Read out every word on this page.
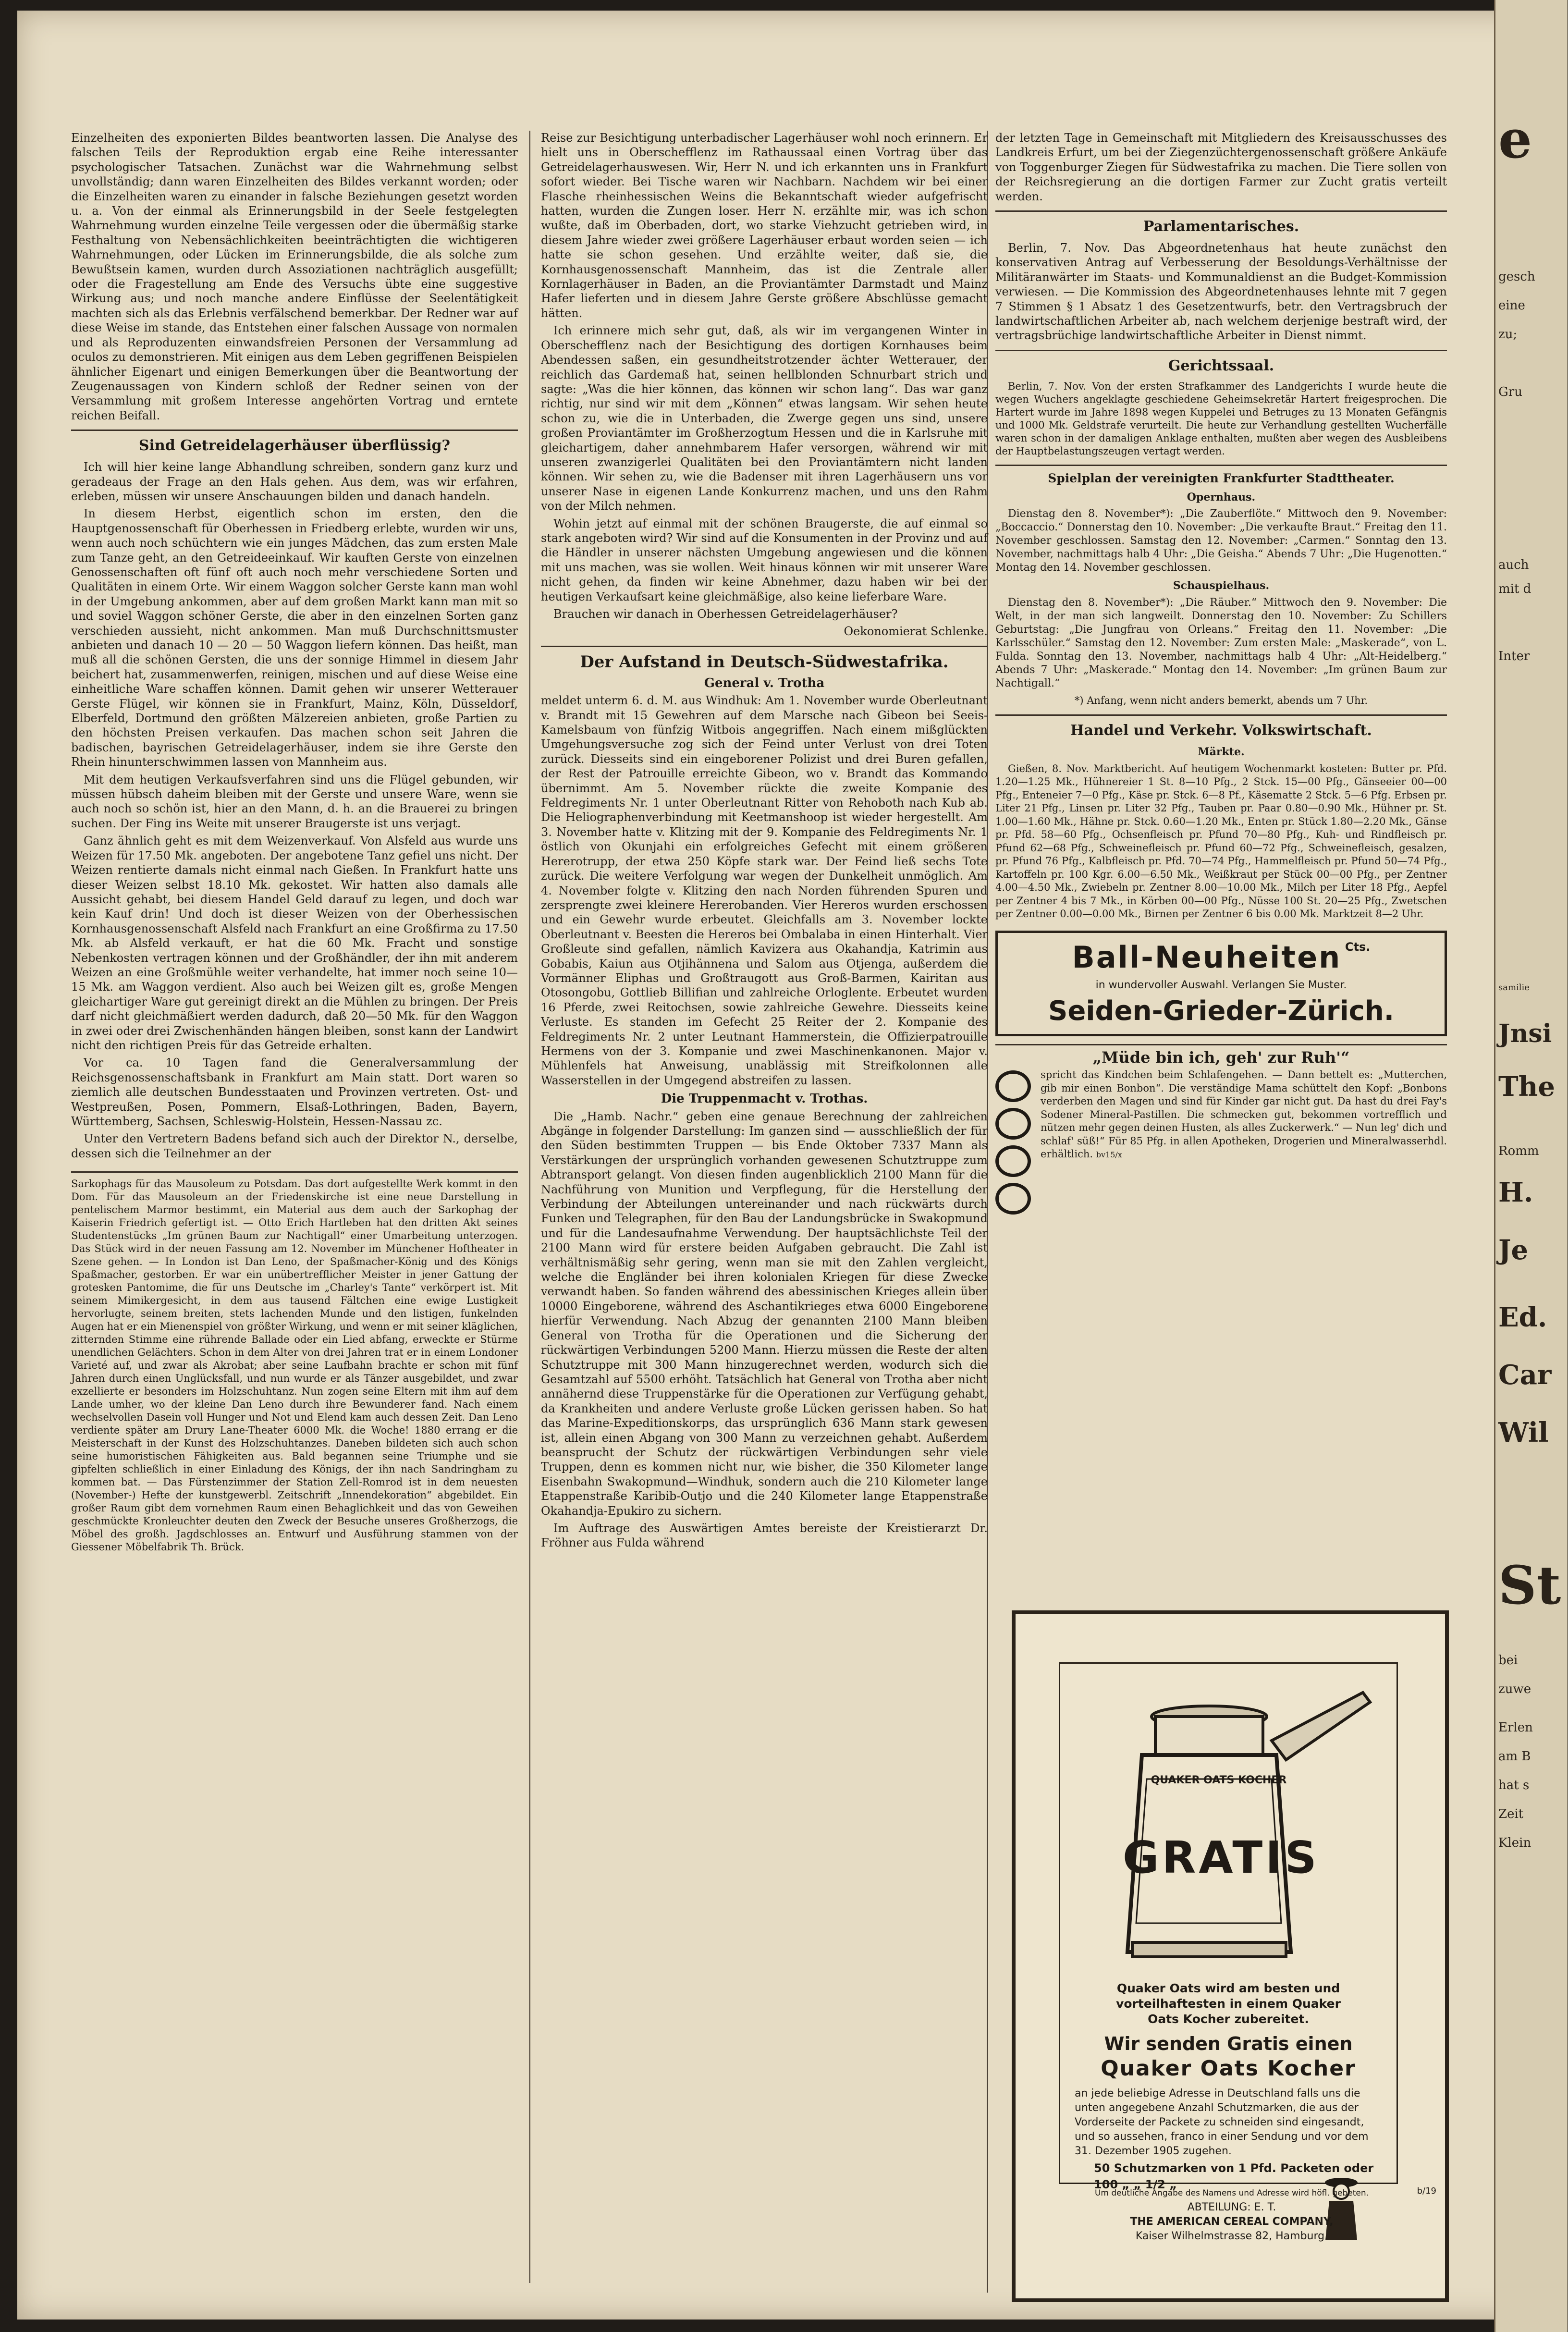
Einzelheiten des exponierten Bildes beantworten lassen. Die Analyse des falschen Teils der Reproduktion ergab eine Reihe interessanter psychologischer Tatsachen. Zunächst war die Wahrnehmung selbst unvollständig; dann waren Einzelheiten des Bildes verkannt worden; oder die Einzelheiten waren zu einander in falsche Beziehungen gesetzt worden u. a. Von der einmal als Erinnerungsbild in der Seele festgelegten Wahrnehmung wurden einzelne Teile vergessen oder die übermäßig starke Festhaltung von Nebensächlichkeiten beeinträchtigten die wichtigeren Wahrnehmungen, oder Lücken im Erinnerungsbilde, die als solche zum Bewußtsein kamen, wurden durch Assoziationen nachträglich ausgefüllt; oder die Fragestellung am Ende des Versuchs übte eine suggestive Wirkung aus; und noch manche andere Einflüsse der Seelentätigkeit machten sich als das Erlebnis verfälschend bemerkbar. Der Redner war auf diese Weise im stande, das Entstehen einer falschen Aussage von normalen und als Reproduzenten einwandsfreien Personen der Versammlung ad oculos zu demonstrieren. Mit einigen aus dem Leben gegriffenen Beispielen ähnlicher Eigenart und einigen Bemerkungen über die Beantwortung der Zeugenaussagen von Kindern schloß der Redner seinen von der Versammlung mit großem Interesse angehörten Vortrag und erntete reichen Beifall.

Sind Getreidelagerhäuser überflüssig?

Ich will hier keine lange Abhandlung schreiben, sondern ganz kurz und geradeaus der Frage an den Hals gehen. Aus dem, was wir erfahren, erleben, müssen wir unsere Anschauungen bilden und danach handeln.

In diesem Herbst, eigentlich schon im ersten, den die Hauptgenossenschaft für Oberhessen in Friedberg erlebte, wurden wir uns, wenn auch noch schüchtern wie ein junges Mädchen, das zum ersten Male zum Tanze geht, an den Getreideeinkauf. Wir kauften Gerste von einzelnen Genossenschaften oft fünf oft auch noch mehr verschiedene Sorten und Qualitäten in einem Orte. Wir einem Waggon solcher Gerste kann man wohl in der Umgebung ankommen, aber auf dem großen Markt kann man mit so und soviel Waggon schöner Gerste, die aber in den einzelnen Sorten ganz verschieden aussieht, nicht ankommen. Man muß Durchschnittsmuster anbieten und danach 10 — 20 — 50 Waggon liefern können. Das heißt, man muß all die schönen Gersten, die uns der sonnige Himmel in diesem Jahr beichert hat, zusammenwerfen, reinigen, mischen und auf diese Weise eine einheitliche Ware schaffen können. Damit gehen wir unserer Wetterauer Gerste Flügel, wir können sie in Frankfurt, Mainz, Köln, Düsseldorf, Elberfeld, Dortmund den größten Mälzereien anbieten, große Partien zu den höchsten Preisen verkaufen. Das machen schon seit Jahren die badischen, bayrischen Getreidelagerhäuser, indem sie ihre Gerste den Rhein hinunterschwimmen lassen von Mannheim aus.

Mit dem heutigen Verkaufsverfahren sind uns die Flügel gebunden, wir müssen hübsch daheim bleiben mit der Gerste und unsere Ware, wenn sie auch noch so schön ist, hier an den Mann, d. h. an die Brauerei zu bringen suchen. Der Fing ins Weite mit unserer Braugerste ist uns verjagt.

Ganz ähnlich geht es mit dem Weizenverkauf. Von Alsfeld aus wurde uns Weizen für 17.50 Mk. angeboten. Der angebotene Tanz gefiel uns nicht. Der Weizen rentierte damals nicht einmal nach Gießen. In Frankfurt hatte uns dieser Weizen selbst 18.10 Mk. gekostet. Wir hatten also damals alle Aussicht gehabt, bei diesem Handel Geld darauf zu legen, und doch war kein Kauf drin! Und doch ist dieser Weizen von der Oberhessischen Kornhausgenossenschaft Alsfeld nach Frankfurt an eine Großfirma zu 17.50 Mk. ab Alsfeld verkauft, er hat die 60 Mk. Fracht und sonstige Nebenkosten vertragen können und der Großhändler, der ihn mit anderem Weizen an eine Großmühle weiter verhandelte, hat immer noch seine 10—15 Mk. am Waggon verdient. Also auch bei Weizen gilt es, große Mengen gleichartiger Ware gut gereinigt direkt an die Mühlen zu bringen. Der Preis darf nicht gleichmäßiert werden dadurch, daß 20—50 Mk. für den Waggon in zwei oder drei Zwischenhänden hängen bleiben, sonst kann der Landwirt nicht den richtigen Preis für das Getreide erhalten.

Vor ca. 10 Tagen fand die Generalversammlung der Reichsgenossenschaftsbank in Frankfurt am Main statt. Dort waren so ziemlich alle deutschen Bundesstaaten und Provinzen vertreten. Ost- und Westpreußen, Posen, Pommern, Elsaß-Lothringen, Baden, Bayern, Württemberg, Sachsen, Schleswig-Holstein, Hessen-Nassau zc.

Unter den Vertretern Badens befand sich auch der Direktor N., derselbe, dessen sich die Teilnehmer an der

Sarkophags für das Mausoleum zu Potsdam. Das dort aufgestellte Werk kommt in den Dom. Für das Mausoleum an der Friedenskirche ist eine neue Darstellung in pentelischem Marmor bestimmt, ein Material aus dem auch der Sarkophag der Kaiserin Friedrich gefertigt ist. — Otto Erich Hartleben hat den dritten Akt seines Studentenstücks „Im grünen Baum zur Nachtigall“ einer Umarbeitung unterzogen. Das Stück wird in der neuen Fassung am 12. November im Münchener Hoftheater in Szene gehen. — In London ist Dan Leno, der Spaßmacher-König und des Königs Spaßmacher, gestorben. Er war ein unübertrefflicher Meister in jener Gattung der grotesken Pantomime, die für uns Deutsche im „Charley's Tante“ verkörpert ist. Mit seinem Mimikergesicht, in dem aus tausend Fältchen eine ewige Lustigkeit hervorlugte, seinem breiten, stets lachenden Munde und den listigen, funkelnden Augen hat er ein Mienenspiel von größter Wirkung, und wenn er mit seiner kläglichen, zitternden Stimme eine rührende Ballade oder ein Lied abfang, erweckte er Stürme unendlichen Gelächters. Schon in dem Alter von drei Jahren trat er in einem Londoner Varieté auf, und zwar als Akrobat; aber seine Laufbahn brachte er schon mit fünf Jahren durch einen Unglücksfall, und nun wurde er als Tänzer ausgebildet, und zwar exzellierte er besonders im Holzschuhtanz. Nun zogen seine Eltern mit ihm auf dem Lande umher, wo der kleine Dan Leno durch ihre Bewunderer fand. Nach einem wechselvollen Dasein voll Hunger und Not und Elend kam auch dessen Zeit. Dan Leno verdiente später am Drury Lane-Theater 6000 Mk. die Woche! 1880 errang er die Meisterschaft in der Kunst des Holzschuhtanzes. Daneben bildeten sich auch schon seine humoristischen Fähigkeiten aus. Bald begannen seine Triumphe und sie gipfelten schließlich in einer Einladung des Königs, der ihn nach Sandringham zu kommen bat. — Das Fürstenzimmer der Station Zell-Romrod ist in dem neuesten (November-) Hefte der kunstgewerbl. Zeitschrift „Innendekoration“ abgebildet. Ein großer Raum gibt dem vornehmen Raum einen Behaglichkeit und das von Geweihen geschmückte Kronleuchter deuten den Zweck der Besuche unseres Großherzogs, die Möbel des großh. Jagdschlosses an. Entwurf und Ausführung stammen von der Giessener Möbelfabrik Th. Brück.

Reise zur Besichtigung unterbadischer Lagerhäuser wohl noch erinnern. Er hielt uns in Oberschefflenz im Rathaussaal einen Vortrag über das Getreidelagerhauswesen. Wir, Herr N. und ich erkannten uns in Frankfurt sofort wieder. Bei Tische waren wir Nachbarn. Nachdem wir bei einer Flasche rheinhessischen Weins die Bekanntschaft wieder aufgefrischt hatten, wurden die Zungen loser. Herr N. erzählte mir, was ich schon wußte, daß im Oberbaden, dort, wo starke Viehzucht getrieben wird, in diesem Jahre wieder zwei größere Lagerhäuser erbaut worden seien — ich hatte sie schon gesehen. Und erzählte weiter, daß sie, die Kornhausgenossenschaft Mannheim, das ist die Zentrale aller Kornlagerhäuser in Baden, an die Proviantämter Darmstadt und Mainz Hafer lieferten und in diesem Jahre Gerste größere Abschlüsse gemacht hätten.

Ich erinnere mich sehr gut, daß, als wir im vergangenen Winter in Oberschefflenz nach der Besichtigung des dortigen Kornhauses beim Abendessen saßen, ein gesundheitstrotzender ächter Wetterauer, der reichlich das Gardemaß hat, seinen hellblonden Schnurbart strich und sagte: „Was die hier können, das können wir schon lang“. Das war ganz richtig, nur sind wir mit dem „Können“ etwas langsam. Wir sehen heute schon zu, wie die in Unterbaden, die Zwerge gegen uns sind, unsere großen Proviantämter im Großherzogtum Hessen und die in Karlsruhe mit gleichartigem, daher annehmbarem Hafer versorgen, während wir mit unseren zwanzigerlei Qualitäten bei den Proviantämtern nicht landen können. Wir sehen zu, wie die Badenser mit ihren Lagerhäusern uns vor unserer Nase in eigenen Lande Konkurrenz machen, und uns den Rahm von der Milch nehmen.

Wohin jetzt auf einmal mit der schönen Braugerste, die auf einmal so stark angeboten wird? Wir sind auf die Konsumenten in der Provinz und auf die Händler in unserer nächsten Umgebung angewiesen und die können mit uns machen, was sie wollen. Weit hinaus können wir mit unserer Ware nicht gehen, da finden wir keine Abnehmer, dazu haben wir bei der heutigen Verkaufsart keine gleichmäßige, also keine lieferbare Ware.

Brauchen wir danach in Oberhessen Getreidelagerhäuser?

Oekonomierat Schlenke.
Der Aufstand in Deutsch-Südwestafrika.
General v. Trotha

meldet unterm 6. d. M. aus Windhuk: Am 1. November wurde Oberleutnant v. Brandt mit 15 Gewehren auf dem Marsche nach Gibeon bei Seeis-Kamelsbaum von fünfzig Witbois angegriffen. Nach einem mißglückten Umgehungsversuche zog sich der Feind unter Verlust von drei Toten zurück. Diesseits sind ein eingeborener Polizist und drei Buren gefallen, der Rest der Patrouille erreichte Gibeon, wo v. Brandt das Kommando übernimmt. Am 5. November rückte die zweite Kompanie des Feldregiments Nr. 1 unter Oberleutnant Ritter von Rehoboth nach Kub ab. Die Heliographenverbindung mit Keetmanshoop ist wieder hergestellt. Am 3. November hatte v. Klitzing mit der 9. Kompanie des Feldregiments Nr. 1 östlich von Okunjahi ein erfolgreiches Gefecht mit einem größeren Hererotrupp, der etwa 250 Köpfe stark war. Der Feind ließ sechs Tote zurück. Die weitere Verfolgung war wegen der Dunkelheit unmöglich. Am 4. November folgte v. Klitzing den nach Norden führenden Spuren und zersprengte zwei kleinere Hererobanden. Vier Hereros wurden erschossen und ein Gewehr wurde erbeutet. Gleichfalls am 3. November lockte Oberleutnant v. Beesten die Hereros bei Ombalaba in einen Hinterhalt. Vier Großleute sind gefallen, nämlich Kavizera aus Okahandja, Katrimin aus Gobabis, Kaiun aus Otjihännena und Salom aus Otjenga, außerdem die Vormänner Eliphas und Großtraugott aus Groß-Barmen, Kairitan aus Otosongobu, Gottlieb Billifian und zahlreiche Orloglente. Erbeutet wurden 16 Pferde, zwei Reitochsen, sowie zahlreiche Gewehre. Diesseits keine Verluste. Es standen im Gefecht 25 Reiter der 2. Kompanie des Feldregiments Nr. 2 unter Leutnant Hammerstein, die Offizierpatrouille Hermens von der 3. Kompanie und zwei Maschinenkanonen. Major v. Mühlenfels hat Anweisung, unablässig mit Streifkolonnen alle Wasserstellen in der Umgegend abstreifen zu lassen.

Die Truppenmacht v. Trothas.

Die „Hamb. Nachr.“ geben eine genaue Berechnung der zahlreichen Abgänge in folgender Darstellung: Im ganzen sind — ausschließlich der für den Süden bestimmten Truppen — bis Ende Oktober 7337 Mann als Verstärkungen der ursprünglich vorhanden gewesenen Schutztruppe zum Abtransport gelangt. Von diesen finden augenblicklich 2100 Mann für die Nachführung von Munition und Verpflegung, für die Herstellung der Verbindung der Abteilungen untereinander und nach rückwärts durch Funken und Telegraphen, für den Bau der Landungsbrücke in Swakopmund und für die Landesaufnahme Verwendung. Der hauptsächlichste Teil der 2100 Mann wird für erstere beiden Aufgaben gebraucht. Die Zahl ist verhältnismäßig sehr gering, wenn man sie mit den Zahlen vergleicht, welche die Engländer bei ihren kolonialen Kriegen für diese Zwecke verwandt haben. So fanden während des abessinischen Krieges allein über 10000 Eingeborene, während des Aschantikrieges etwa 6000 Eingeborene hierfür Verwendung. Nach Abzug der genannten 2100 Mann bleiben General von Trotha für die Operationen und die Sicherung der rückwärtigen Verbindungen 5200 Mann. Hierzu müssen die Reste der alten Schutztruppe mit 300 Mann hinzugerechnet werden, wodurch sich die Gesamtzahl auf 5500 erhöht. Tatsächlich hat General von Trotha aber nicht annähernd diese Truppenstärke für die Operationen zur Verfügung gehabt, da Krankheiten und andere Verluste große Lücken gerissen haben. So hat das Marine-Expeditionskorps, das ursprünglich 636 Mann stark gewesen ist, allein einen Abgang von 300 Mann zu verzeichnen gehabt. Außerdem beansprucht der Schutz der rückwärtigen Verbindungen sehr viele Truppen, denn es kommen nicht nur, wie bisher, die 350 Kilometer lange Eisenbahn Swakopmund—Windhuk, sondern auch die 210 Kilometer lange Etappenstraße Karibib-Outjo und die 240 Kilometer lange Etappenstraße Okahandja-Epukiro zu sichern.

Im Auftrage des Auswärtigen Amtes bereiste der Kreistierarzt Dr. Fröhner aus Fulda während

der letzten Tage in Gemeinschaft mit Mitgliedern des Kreisausschusses des Landkreis Erfurt, um bei der Ziegenzüchtergenossenschaft größere Ankäufe von Toggenburger Ziegen für Südwestafrika zu machen. Die Tiere sollen von der Reichsregierung an die dortigen Farmer zur Zucht gratis verteilt werden.

Parlamentarisches.

Berlin, 7. Nov. Das Abgeordnetenhaus hat heute zunächst den konservativen Antrag auf Verbesserung der Besoldungs-Verhältnisse der Militäranwärter im Staats- und Kommunaldienst an die Budget-Kommission verwiesen. — Die Kommission des Abgeordnetenhauses lehnte mit 7 gegen 7 Stimmen § 1 Absatz 1 des Gesetzentwurfs, betr. den Vertragsbruch der landwirtschaftlichen Arbeiter ab, nach welchem derjenige bestraft wird, der vertragsbrüchige landwirtschaftliche Arbeiter in Dienst nimmt.

Gerichtssaal.

Berlin, 7. Nov. Von der ersten Strafkammer des Landgerichts I wurde heute die wegen Wuchers angeklagte geschiedene Geheimsekretär Hartert freigesprochen. Die Hartert wurde im Jahre 1898 wegen Kuppelei und Betruges zu 13 Monaten Gefängnis und 1000 Mk. Geldstrafe verurteilt. Die heute zur Verhandlung gestellten Wucherfälle waren schon in der damaligen Anklage enthalten, mußten aber wegen des Ausbleibens der Hauptbelastungszeugen vertagt werden.

Spielplan der vereinigten Frankfurter Stadttheater.
Opernhaus.

Dienstag den 8. November*): „Die Zauberflöte.“ Mittwoch den 9. November: „Boccaccio.“ Donnerstag den 10. November: „Die verkaufte Braut.“ Freitag den 11. November geschlossen. Samstag den 12. November: „Carmen.“ Sonntag den 13. November, nachmittags halb 4 Uhr: „Die Geisha.“ Abends 7 Uhr: „Die Hugenotten.“ Montag den 14. November geschlossen.

Schauspielhaus.

Dienstag den 8. November*): „Die Räuber.“ Mittwoch den 9. November: Die Welt, in der man sich langweilt. Donnerstag den 10. November: Zu Schillers Geburtstag: „Die Jungfrau von Orleans.“ Freitag den 11. November: „Die Karlsschüler.“ Samstag den 12. November: Zum ersten Male: „Maskerade“, von L. Fulda. Sonntag den 13. November, nachmittags halb 4 Uhr: „Alt-Heidelberg.“ Abends 7 Uhr: „Maskerade.“ Montag den 14. November: „Im grünen Baum zur Nachtigall.“

*) Anfang, wenn nicht anders bemerkt, abends um 7 Uhr.
Handel und Verkehr. Volkswirtschaft.
Märkte.

Gießen, 8. Nov. Marktbericht. Auf heutigem Wochenmarkt kosteten: Butter pr. Pfd. 1.20—1.25 Mk., Hühnereier 1 St. 8—10 Pfg., 2 Stck. 15—00 Pfg., Gänseeier 00—00 Pfg., Enteneier 7—0 Pfg., Käse pr. Stck. 6—8 Pf., Käsematte 2 Stck. 5—6 Pfg. Erbsen pr. Liter 21 Pfg., Linsen pr. Liter 32 Pfg., Tauben pr. Paar 0.80—0.90 Mk., Hühner pr. St. 1.00—1.60 Mk., Hähne pr. Stck. 0.60—1.20 Mk., Enten pr. Stück 1.80—2.20 Mk., Gänse pr. Pfd. 58—60 Pfg., Ochsenfleisch pr. Pfund 70—80 Pfg., Kuh- und Rindfleisch pr. Pfund 62—68 Pfg., Schweinefleisch pr. Pfund 60—72 Pfg., Schweinefleisch, gesalzen, pr. Pfund 76 Pfg., Kalbfleisch pr. Pfd. 70—74 Pfg., Hammelfleisch pr. Pfund 50—74 Pfg., Kartoffeln pr. 100 Kgr. 6.00—6.50 Mk., Weißkraut per Stück 00—00 Pfg., per Zentner 4.00—4.50 Mk., Zwiebeln pr. Zentner 8.00—10.00 Mk., Milch per Liter 18 Pfg., Aepfel per Zentner 4 bis 7 Mk., in Körben 00—00 Pfg., Nüsse 100 St. 20—25 Pfg., Zwetschen per Zentner 0.00—0.00 Mk., Birnen per Zentner 6 bis 0.00 Mk. Marktzeit 8—2 Uhr.

Ball-Neuheiten Cts.
in wundervoller Auswahl. Verlangen Sie Muster.
Seiden-Grieder-Zürich.
„Müde bin ich, geh' zur Ruh'“
spricht das Kindchen beim Schlafengehen. — Dann bettelt es: „Mutterchen, gib mir einen Bonbon“. Die verständige Mama schüttelt den Kopf: „Bonbons verderben den Magen und sind für Kinder gar nicht gut. Da hast du drei Fay's Sodener Mineral-Pastillen. Die schmecken gut, bekommen vortrefflich und nützen mehr gegen deinen Husten, als alles Zuckerwerk.“ — Nun leg' dich und schlaf' süß!“ Für 85 Pfg. in allen Apotheken, Drogerien und Mineralwasserhdl. erhältlich. bv15/x
QUAKER OATS KOCHER
GRATIS
Quaker Oats wird am besten und
vorteilhaftesten in einem Quaker
Oats Kocher zubereitet.
Wir senden Gratis einen
Quaker Oats Kocher
an jede beliebige Adresse in Deutschland falls uns die unten angegebene Anzahl Schutzmarken, die aus der Vorderseite der Packete zu schneiden sind eingesandt, und so aussehen, franco in einer Sendung und vor dem 31. Dezember 1905 zugehen.
50 Schutzmarken von 1 Pfd. Packeten oder
100 „ „ 1/2 „
Um deutliche Angabe des Namens und Adresse wird höfl. gebeten.
ABTEILUNG: E. T.
THE AMERICAN CEREAL COMPANY,
Kaiser Wilhelmstrasse 82, Hamburg.
b/19
e
gesch
eine
zu;
Gru
auch
mit d
Inter
samilie
Jnsi
The
Romm
H.
Je
Ed.
Car
Wil
St
bei
zuwe
Erlen
am B
hat s
Zeit
Klein
